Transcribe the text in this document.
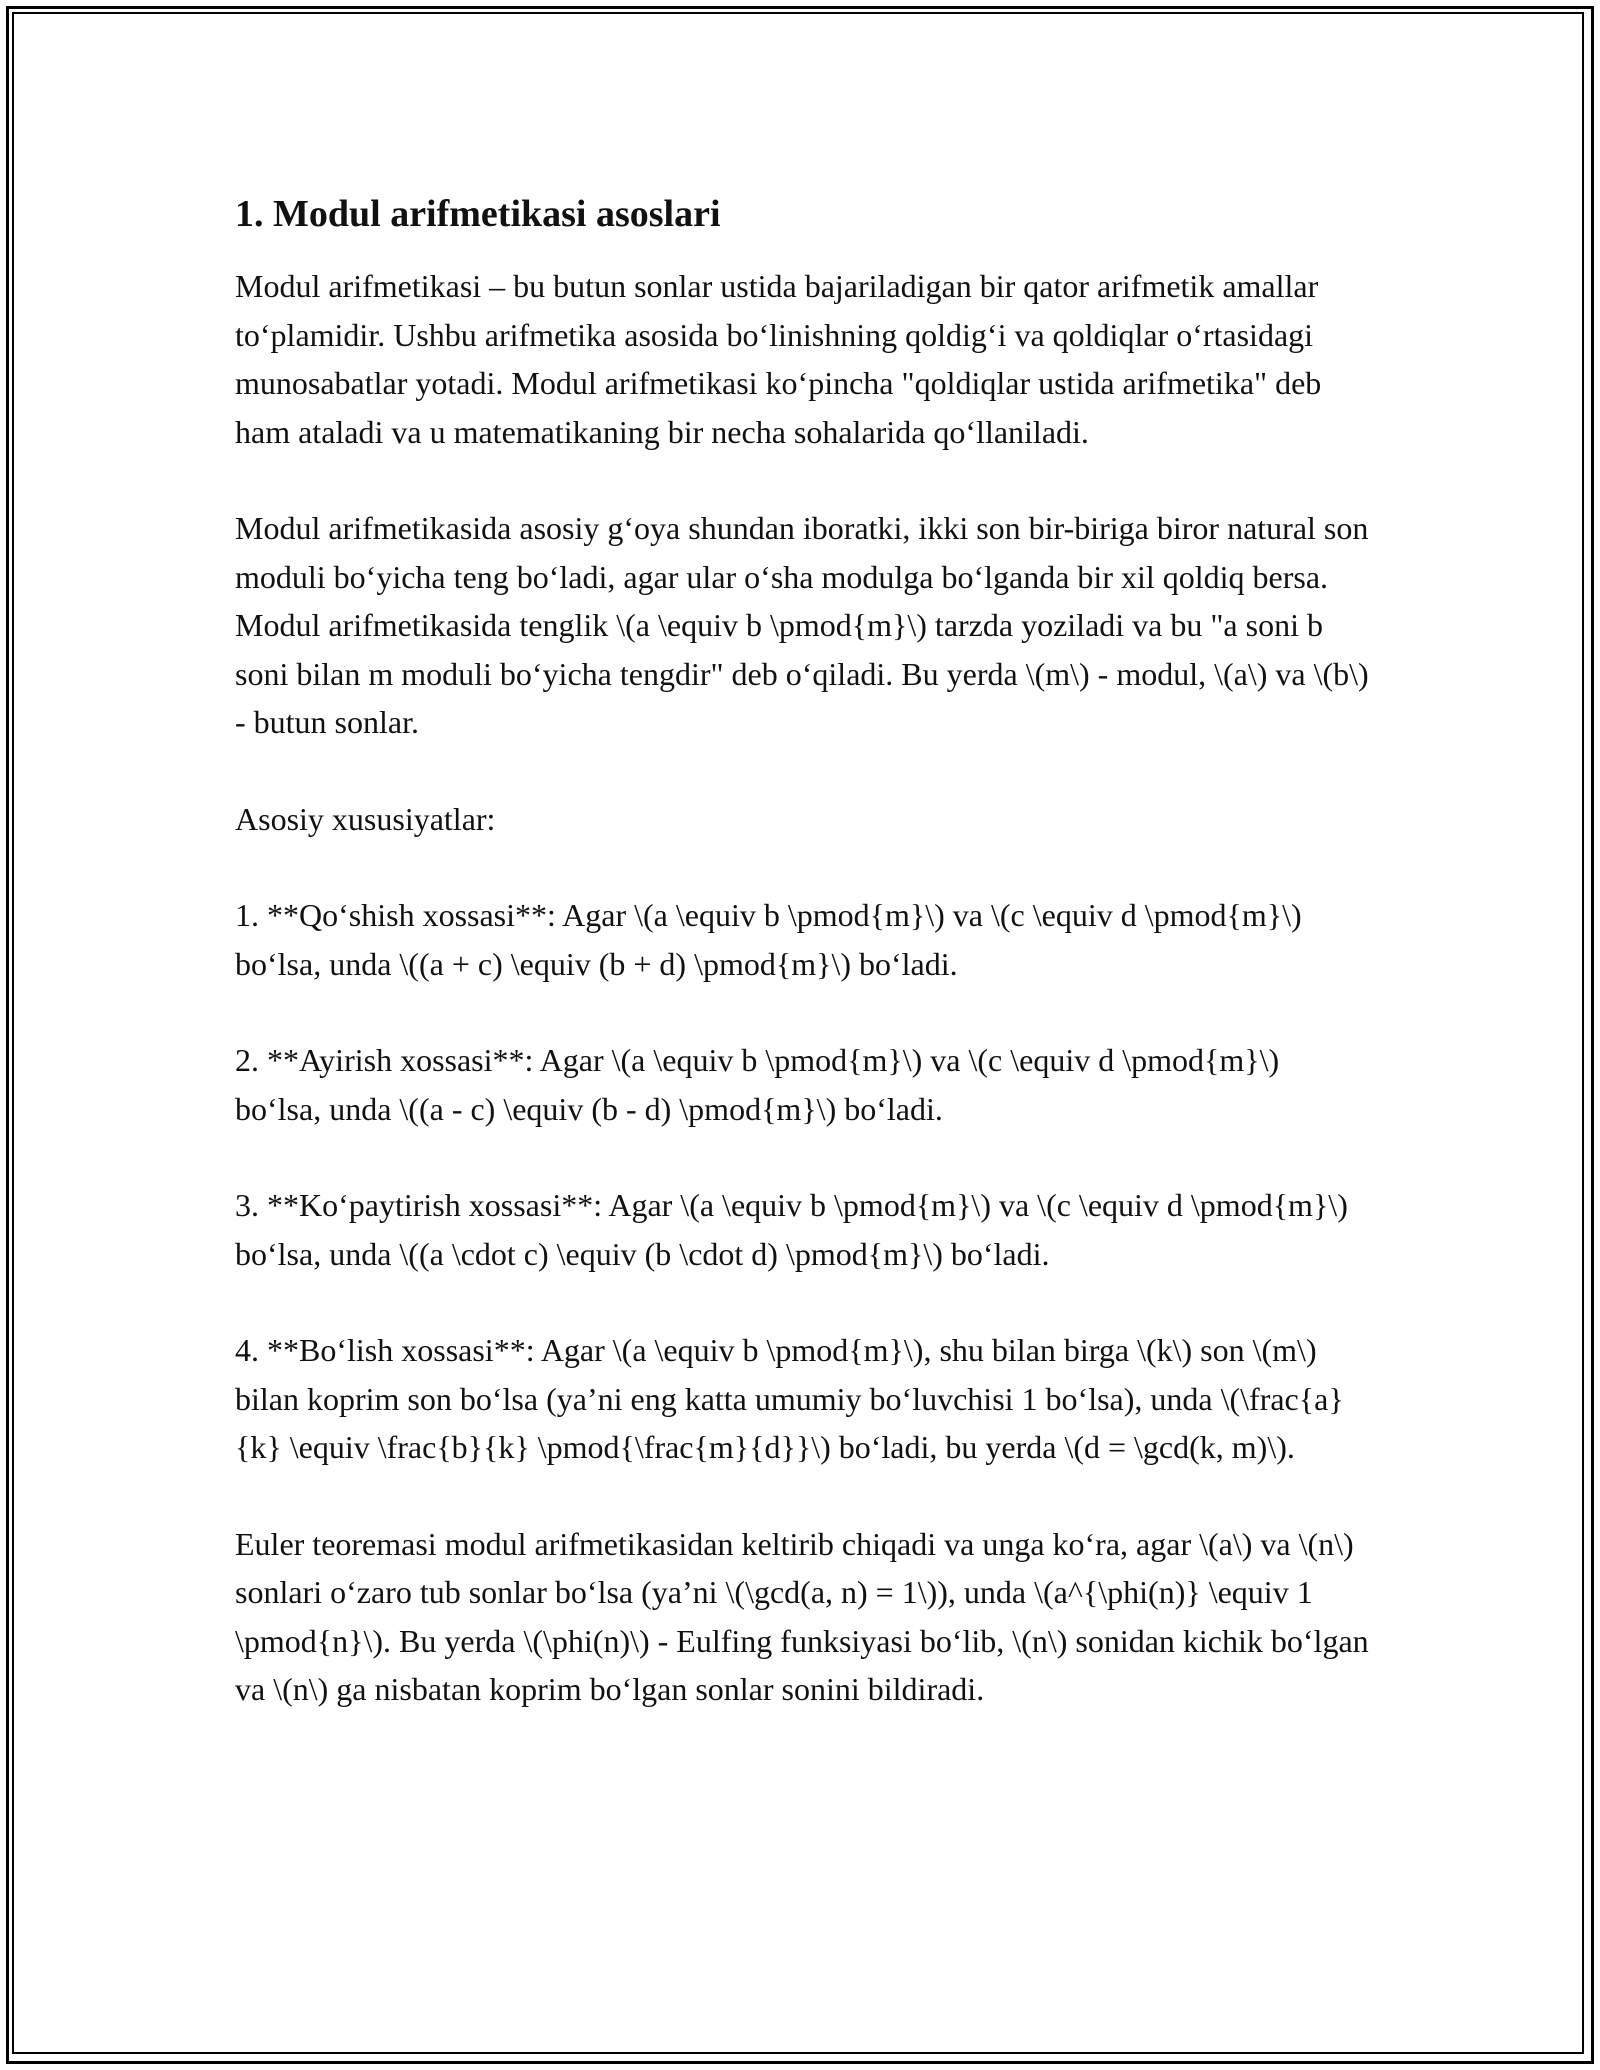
1. Modul arifmetikasi asoslari

Modul arifmetikasi – bu butun sonlar ustida bajariladigan bir qator arifmetik amallar to‘plamidir. Ushbu arifmetika asosida bo‘linishning qoldig‘i va qoldiqlar o‘rtasidagi munosabatlar yotadi. Modul arifmetikasi ko‘pincha "qoldiqlar ustida arifmetika" deb ham ataladi va u matematikaning bir necha sohalarida qo‘llaniladi.

Modul arifmetikasida asosiy g‘oya shundan iboratki, ikki son bir-biriga biror natural son moduli bo‘yicha teng bo‘ladi, agar ular o‘sha modulga bo‘lganda bir xil qoldiq bersa. Modul arifmetikasida tenglik \(a \equiv b \pmod{m}\) tarzda yoziladi va bu "a soni b soni bilan m moduli bo‘yicha tengdir" deb o‘qiladi. Bu yerda \(m\) - modul, \(a\) va \(b\) - butun sonlar.

Asosiy xususiyatlar:

1. **Qo‘shish xossasi**: Agar \(a \equiv b \pmod{m}\) va \(c \equiv d \pmod{m}\) bo‘lsa, unda \((a + c) \equiv (b + d) \pmod{m}\) bo‘ladi.

2. **Ayirish xossasi**: Agar \(a \equiv b \pmod{m}\) va \(c \equiv d \pmod{m}\) bo‘lsa, unda \((a - c) \equiv (b - d) \pmod{m}\) bo‘ladi.

3. **Ko‘paytirish xossasi**: Agar \(a \equiv b \pmod{m}\) va \(c \equiv d \pmod{m}\) bo‘lsa, unda \((a \cdot c) \equiv (b \cdot d) \pmod{m}\) bo‘ladi.

4. **Bo‘lish xossasi**: Agar \(a \equiv b \pmod{m}\), shu bilan birga \(k\) son \(m\) bilan koprim son bo‘lsa (ya’ni eng katta umumiy bo‘luvchisi 1 bo‘lsa), unda \(\frac{a}{k} \equiv \frac{b}{k} \pmod{\frac{m}{d}}\) bo‘ladi, bu yerda \(d = \gcd(k, m)\).

Euler teoremasi modul arifmetikasidan keltirib chiqadi va unga ko‘ra, agar \(a\) va \(n\) sonlari o‘zaro tub sonlar bo‘lsa (ya’ni \(\gcd(a, n) = 1\)), unda \(a^{\phi(n)} \equiv 1 \pmod{n}\). Bu yerda \(\phi(n)\) - Eulfing funksiyasi bo‘lib, \(n\) sonidan kichik bo‘lgan va \(n\) ga nisbatan koprim bo‘lgan sonlar sonini bildiradi.
